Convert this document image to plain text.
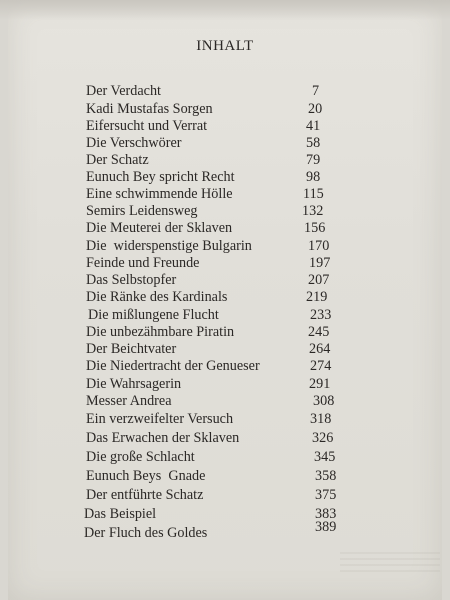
INHALT
Der Verdacht	7
Kadi Mustafas Sorgen	20
Eifersucht und Verrat	41
Die Verschwörer	58
Der Schatz	79
Eunuch Bey spricht Recht	98
Eine schwimmende Hölle	115
Semirs Leidensweg	132
Die Meuterei der Sklaven	156
Die  widerspenstige Bulgarin	170
Feinde und Freunde	197
Das Selbstopfer	207
Die Ränke des Kardinals	219
Die mißlungene Flucht	233
Die unbezähmbare Piratin	245
Der Beichtvater	264
Die Niedertracht der Genueser	274
Die Wahrsagerin	291
Messer Andrea	308
Ein verzweifelter Versuch	318
Das Erwachen der Sklaven	326
Die große Schlacht	345
Eunuch Beys  Gnade	358
Der entführte Schatz	375
Das Beispiel	383
Der Fluch des Goldes	389
